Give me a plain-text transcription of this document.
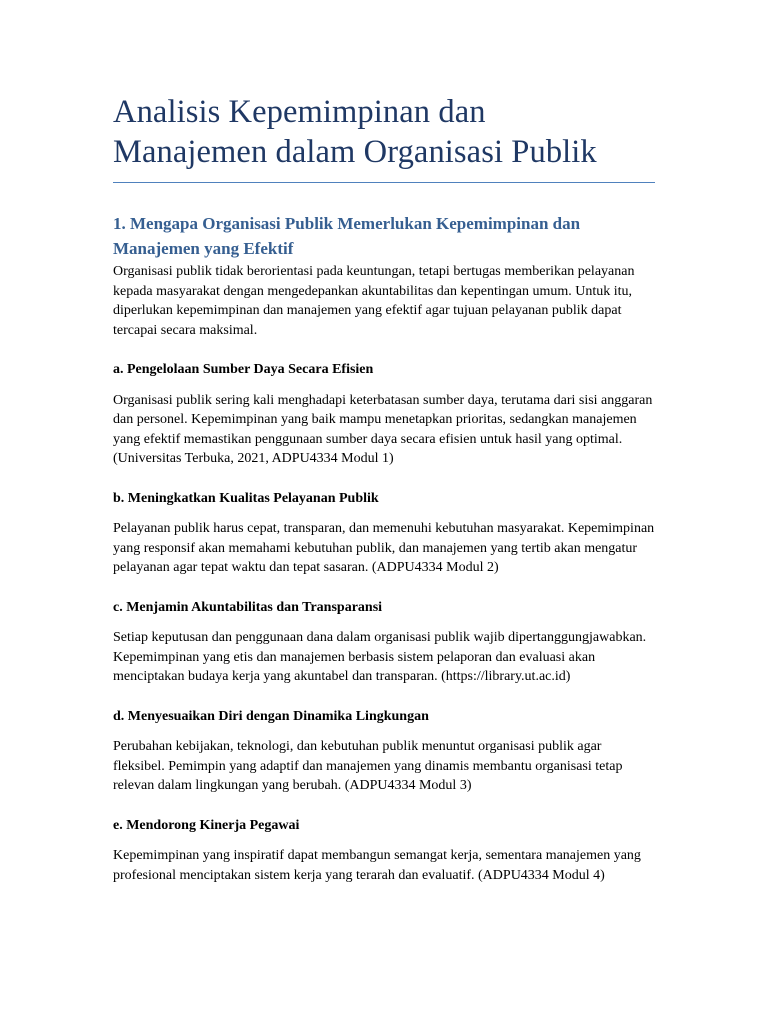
Analisis Kepemimpinan dan
Manajemen dalam Organisasi Publik
1. Mengapa Organisasi Publik Memerlukan Kepemimpinan dan Manajemen yang Efektif

Organisasi publik tidak berorientasi pada keuntungan, tetapi bertugas memberikan pelayanan kepada masyarakat dengan mengedepankan akuntabilitas dan kepentingan umum. Untuk itu, diperlukan kepemimpinan dan manajemen yang efektif agar tujuan pelayanan publik dapat tercapai secara maksimal.

a. Pengelolaan Sumber Daya Secara Efisien

Organisasi publik sering kali menghadapi keterbatasan sumber daya, terutama dari sisi anggaran dan personel. Kepemimpinan yang baik mampu menetapkan prioritas, sedangkan manajemen yang efektif memastikan penggunaan sumber daya secara efisien untuk hasil yang optimal. (Universitas Terbuka, 2021, ADPU4334 Modul 1)

b. Meningkatkan Kualitas Pelayanan Publik

Pelayanan publik harus cepat, transparan, dan memenuhi kebutuhan masyarakat. Kepemimpinan yang responsif akan memahami kebutuhan publik, dan manajemen yang tertib akan mengatur pelayanan agar tepat waktu dan tepat sasaran. (ADPU4334 Modul 2)

c. Menjamin Akuntabilitas dan Transparansi

Setiap keputusan dan penggunaan dana dalam organisasi publik wajib dipertanggungjawabkan. Kepemimpinan yang etis dan manajemen berbasis sistem pelaporan dan evaluasi akan menciptakan budaya kerja yang akuntabel dan transparan. (https://library.ut.ac.id)

d. Menyesuaikan Diri dengan Dinamika Lingkungan

Perubahan kebijakan, teknologi, dan kebutuhan publik menuntut organisasi publik agar fleksibel. Pemimpin yang adaptif dan manajemen yang dinamis membantu organisasi tetap relevan dalam lingkungan yang berubah. (ADPU4334 Modul 3)

e. Mendorong Kinerja Pegawai

Kepemimpinan yang inspiratif dapat membangun semangat kerja, sementara manajemen yang profesional menciptakan sistem kerja yang terarah dan evaluatif. (ADPU4334 Modul 4)
